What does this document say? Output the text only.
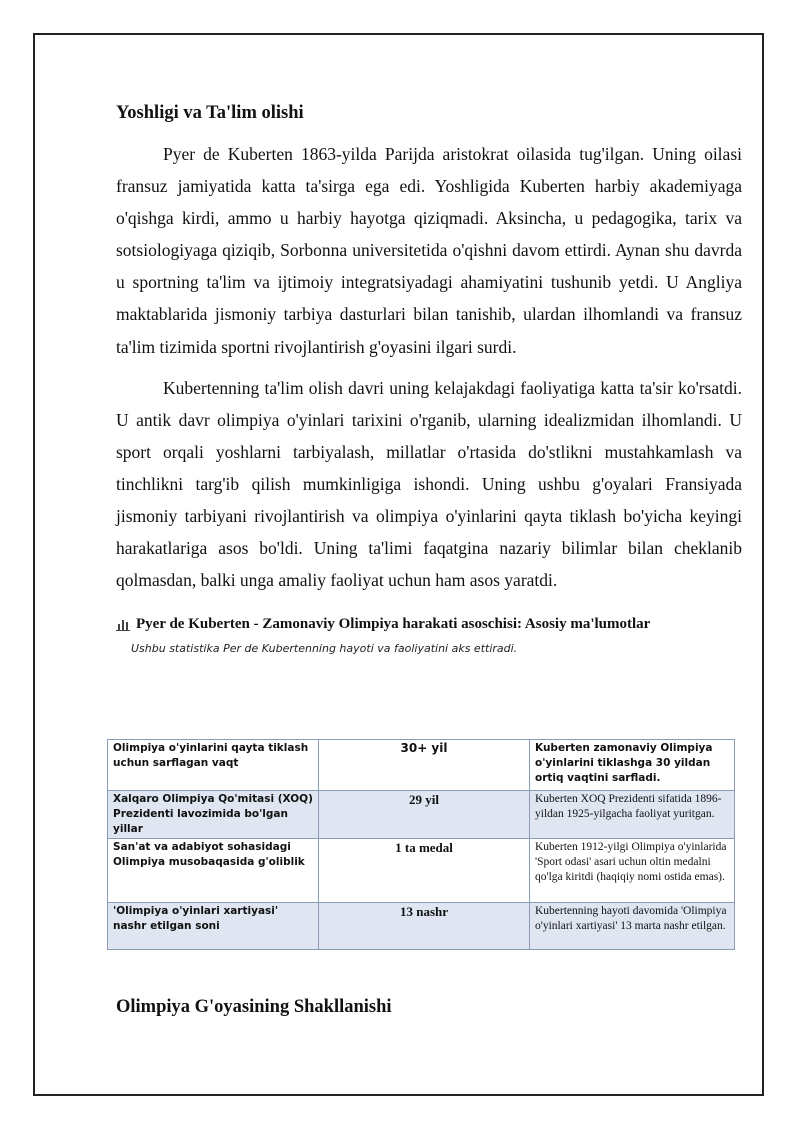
Yoshligi va Ta'lim olishi

Pyer de Kuberten 1863-yilda Parijda aristokrat oilasida tug'ilgan. Uning oilasi fransuz jamiyatida katta ta'sirga ega edi. Yoshligida Kuberten harbiy akademiyaga o'qishga kirdi, ammo u harbiy hayotga qiziqmadi. Aksincha, u pedagogika, tarix va sotsiologiyaga qiziqib, Sorbonna universitetida o'qishni davom ettirdi. Aynan shu davrda u sportning ta'lim va ijtimoiy integratsiyadagi ahamiyatini tushunib yetdi. U Angliya maktablarida jismoniy tarbiya dasturlari bilan tanishib, ulardan ilhomlandi va fransuz ta'lim tizimida sportni rivojlantirish g'oyasini ilgari surdi.

Kubertenning ta'lim olish davri uning kelajakdagi faoliyatiga katta ta'sir ko'rsatdi. U antik davr olimpiya o'yinlari tarixini o'rganib, ularning idealizmidan ilhomlandi. U sport orqali yoshlarni tarbiyalash, millatlar o'rtasida do'stlikni mustahkamlash va tinchlikni targ'ib qilish mumkinligiga ishondi. Uning ushbu g'oyalari Fransiyada jismoniy tarbiyani rivojlantirish va olimpiya o'yinlarini qayta tiklash bo'yicha keyingi harakatlariga asos bo'ldi. Uning ta'limi faqatgina nazariy bilimlar bilan cheklanib qolmasdan, balki unga amaliy faoliyat uchun ham asos yaratdi.

Pyer de Kuberten - Zamonaviy Olimpiya harakati asoschisi: Asosiy ma'lumotlar
Ushbu statistika Per de Kubertenning hayoti va faoliyatini aks ettiradi.
Olimpiya o'yinlarini qayta tiklash uchun sarflagan vaqt	30+ yil	Kuberten zamonaviy Olimpiya o'yinlarini tiklashga 30 yildan ortiq vaqtini sarfladi.
Xalqaro Olimpiya Qo'mitasi (XOQ) Prezidenti lavozimida bo'lgan yillar	29 yil	Kuberten XOQ Prezidenti sifatida 1896-yildan 1925-yilgacha faoliyat yuritgan.
San'at va adabiyot sohasidagi Olimpiya musobaqasida g'oliblik	1 ta medal	Kuberten 1912-yilgi Olimpiya o'yinlarida 'Sport odasi' asari uchun oltin medalni qo'lga kiritdi (haqiqiy nomi ostida emas).
'Olimpiya o'yinlari xartiyasi' nashr etilgan soni	13 nashr	Kubertenning hayoti davomida 'Olimpiya o'yinlari xartiyasi' 13 marta nashr etilgan.
Olimpiya G'oyasining Shakllanishi
